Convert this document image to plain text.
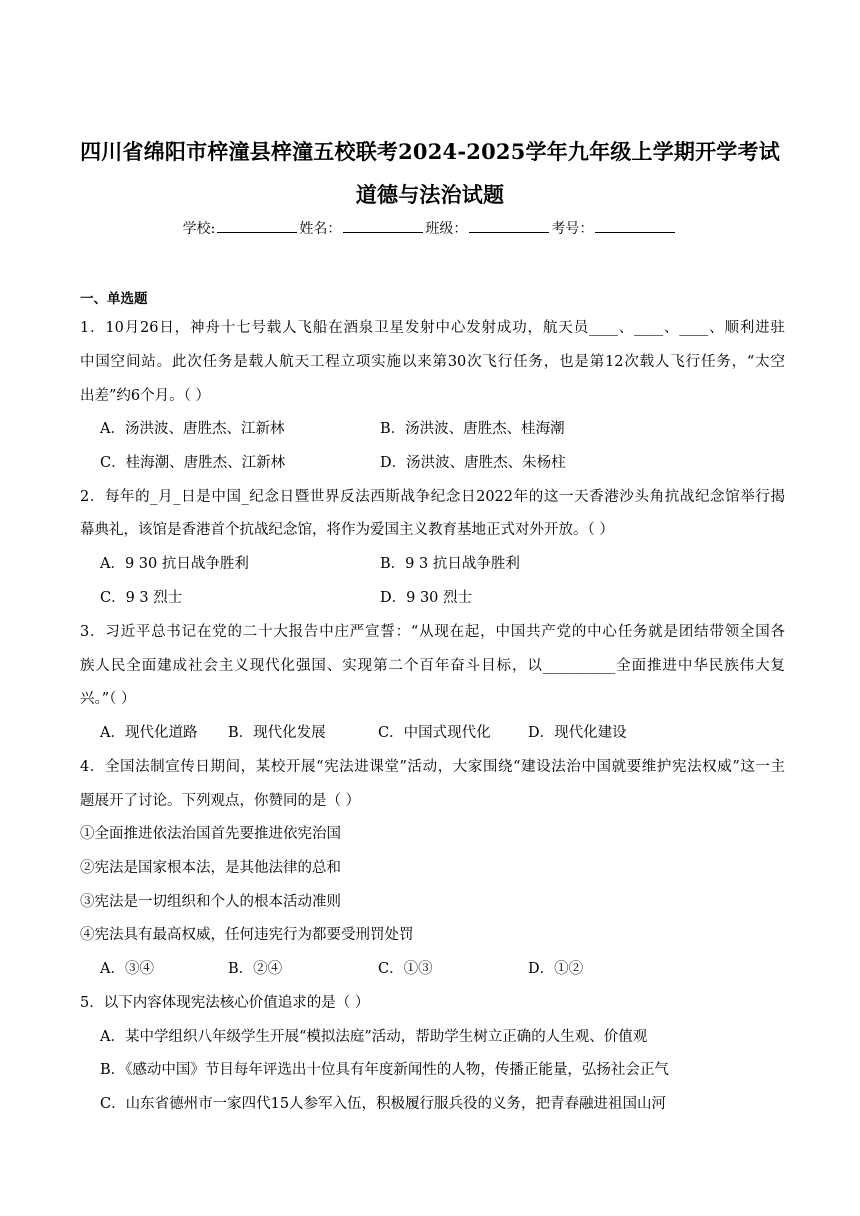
四川省绵阳市梓潼县梓潼五校联考2024-2025学年九年级上学期开学考试
道德与法治试题
学校:	姓名：	班级：	考号：
一、单选题
1．10月26日，神舟十七号载人飞船在酒泉卫星发射中心发射成功，航天员____、____、____、顺利进驻
中国空间站。此次任务是载人航天工程立项实施以来第30次飞行任务，也是第12次载人飞行任务，“太空
出差”约6个月。（ ）
A．汤洪波、唐胜杰、江新林	B．汤洪波、唐胜杰、桂海潮
C．桂海潮、唐胜杰、江新林	D．汤洪波、唐胜杰、朱杨柱
2．每年的_月_日是中国_纪念日暨世界反法西斯战争纪念日2022年的这一天香港沙头角抗战纪念馆举行揭
幕典礼，该馆是香港首个抗战纪念馆，将作为爱国主义教育基地正式对外开放。（ ）
A．9 30 抗日战争胜利	B．9 3 抗日战争胜利
C．9 3 烈士	D．9 30 烈士
3．习近平总书记在党的二十大报告中庄严宣誓：“从现在起，中国共产党的中心任务就是团结带领全国各
族人民全面建成社会主义现代化强国、实现第二个百年奋斗目标，以__________全面推进中华民族伟大复
兴。”（ ）
A．现代化道路 B．现代化发展	C．中国式现代化	D．现代化建设
4．全国法制宣传日期间，某校开展“宪法进课堂”活动，大家围绕“建设法治中国就要维护宪法权威”这一主
题展开了讨论。下列观点，你赞同的是（ ）
①全面推进依法治国首先要推进依宪治国
②宪法是国家根本法，是其他法律的总和
③宪法是一切组织和个人的根本活动准则
④宪法具有最高权威，任何违宪行为都要受刑罚处罚
A．③④	B．②④	C．①③	D．①②
5．以下内容体现宪法核心价值追求的是（ ）
A．某中学组织八年级学生开展“模拟法庭”活动，帮助学生树立正确的人生观、价值观
B．《感动中国》节目每年评选出十位具有年度新闻性的人物，传播正能量，弘扬社会正气
C．山东省德州市一家四代15人参军入伍，积极履行服兵役的义务，把青春融进祖国山河
